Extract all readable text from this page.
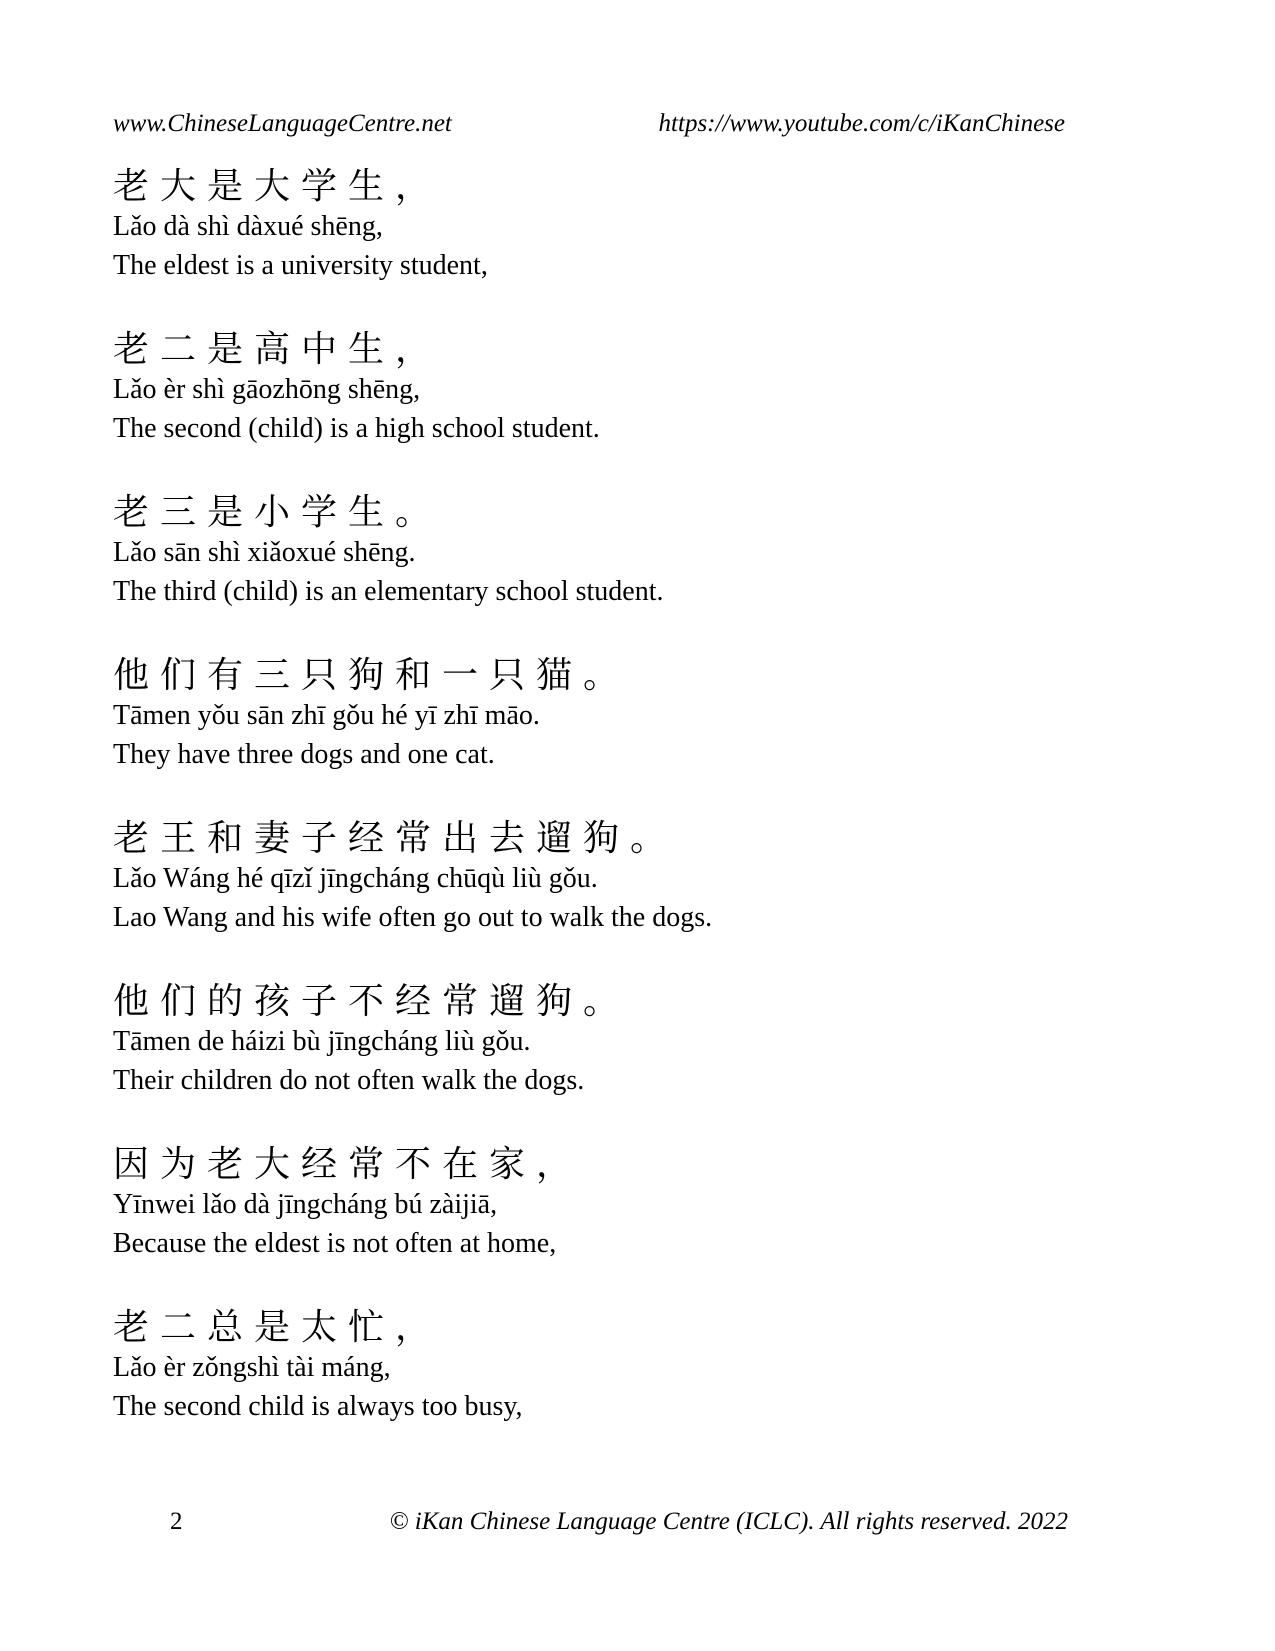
www.ChineseLanguageCentre.net	https://www.youtube.com/c/iKanChinese
老大是大学生，
Lǎo dà shì dàxué shēng,
The eldest is a university student,
老二是高中生，
Lǎo èr shì gāozhōng shēng,
The second (child) is a high school student.
老三是小学生。
Lǎo sān shì xiǎoxué shēng.
The third (child) is an elementary school student.
他们有三只狗和一只猫。
Tāmen yǒu sān zhī gǒu hé yī zhī māo.
They have three dogs and one cat.
老王和妻子经常出去遛狗。
Lǎo Wáng hé qīzǐ jīngcháng chūqù liù gǒu.
Lao Wang and his wife often go out to walk the dogs.
他们的孩子不经常遛狗。
Tāmen de háizi bù jīngcháng liù gǒu.
Their children do not often walk the dogs.
因为老大经常不在家，
Yīnwei lǎo dà jīngcháng bú zàijiā,
Because the eldest is not often at home,
老二总是太忙，
Lǎo èr zǒngshì tài máng,
The second child is always too busy,
2	© iKan Chinese Language Centre (ICLC). All rights reserved. 2022
